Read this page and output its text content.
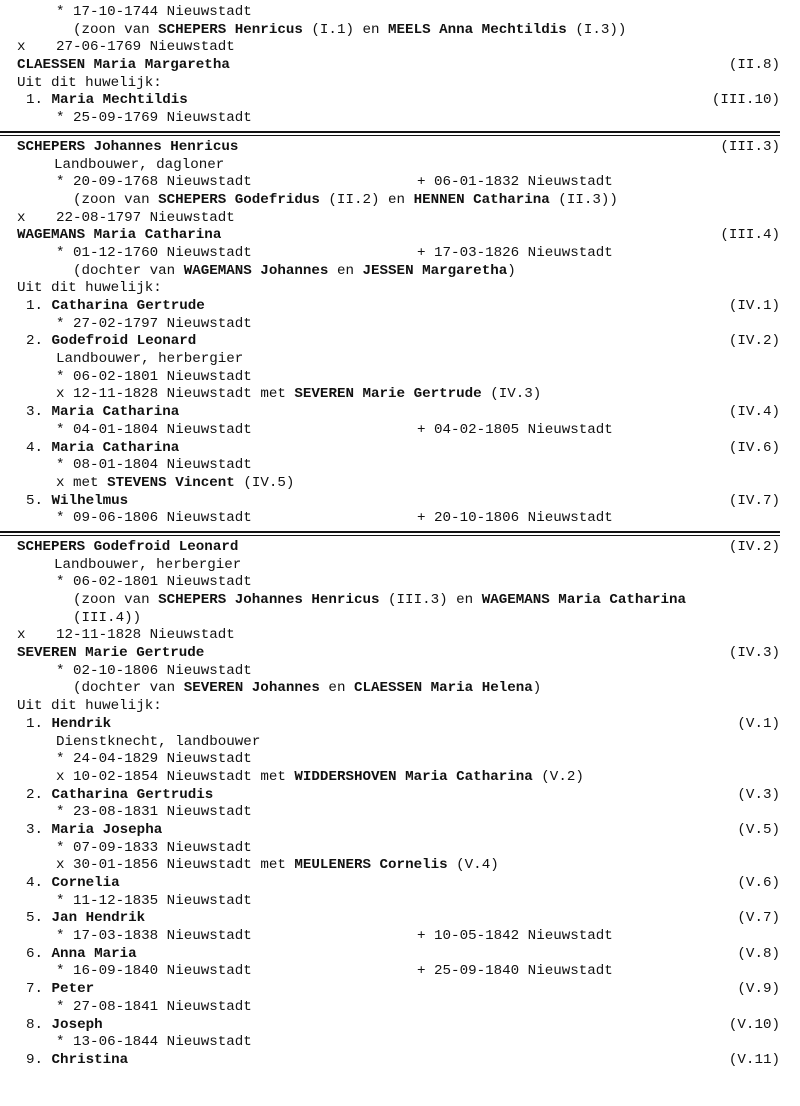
* 17-10-1744 Nieuwstadt
(zoon van SCHEPERS Henricus (I.1) en MEELS Anna Mechtildis (I.3))
x 27-06-1769 Nieuwstadt
CLAESSEN Maria Margaretha	(II.8)
Uit dit huwelijk:
1. Maria Mechtildis	(III.10)
* 25-09-1769 Nieuwstadt
SCHEPERS Johannes Henricus	(III.3)
Landbouwer, dagloner
* 20-09-1768 Nieuwstadt	+ 06-01-1832 Nieuwstadt
(zoon van SCHEPERS Godefridus (II.2) en HENNEN Catharina (II.3))
x 22-08-1797 Nieuwstadt
WAGEMANS Maria Catharina	(III.4)
* 01-12-1760 Nieuwstadt	+ 17-03-1826 Nieuwstadt
(dochter van WAGEMANS Johannes en JESSEN Margaretha)
Uit dit huwelijk:
1. Catharina Gertrude	(IV.1)
* 27-02-1797 Nieuwstadt
2. Godefroid Leonard	(IV.2)
Landbouwer, herbergier
* 06-02-1801 Nieuwstadt
x 12-11-1828 Nieuwstadt met SEVEREN Marie Gertrude (IV.3)
3. Maria Catharina	(IV.4)
* 04-01-1804 Nieuwstadt	+ 04-02-1805 Nieuwstadt
4. Maria Catharina	(IV.6)
* 08-01-1804 Nieuwstadt
x met STEVENS Vincent (IV.5)
5. Wilhelmus	(IV.7)
* 09-06-1806 Nieuwstadt	+ 20-10-1806 Nieuwstadt
SCHEPERS Godefroid Leonard	(IV.2)
Landbouwer, herbergier
* 06-02-1801 Nieuwstadt
(zoon van SCHEPERS Johannes Henricus (III.3) en WAGEMANS Maria Catharina
(III.4))
x 12-11-1828 Nieuwstadt
SEVEREN Marie Gertrude	(IV.3)
* 02-10-1806 Nieuwstadt
(dochter van SEVEREN Johannes en CLAESSEN Maria Helena)
Uit dit huwelijk:
1. Hendrik	(V.1)
Dienstknecht, landbouwer
* 24-04-1829 Nieuwstadt
x 10-02-1854 Nieuwstadt met WIDDERSHOVEN Maria Catharina (V.2)
2. Catharina Gertrudis	(V.3)
* 23-08-1831 Nieuwstadt
3. Maria Josepha	(V.5)
* 07-09-1833 Nieuwstadt
x 30-01-1856 Nieuwstadt met MEULENERS Cornelis (V.4)
4. Cornelia	(V.6)
* 11-12-1835 Nieuwstadt
5. Jan Hendrik	(V.7)
* 17-03-1838 Nieuwstadt	+ 10-05-1842 Nieuwstadt
6. Anna Maria	(V.8)
* 16-09-1840 Nieuwstadt	+ 25-09-1840 Nieuwstadt
7. Peter	(V.9)
* 27-08-1841 Nieuwstadt
8. Joseph	(V.10)
* 13-06-1844 Nieuwstadt
9. Christina	(V.11)
